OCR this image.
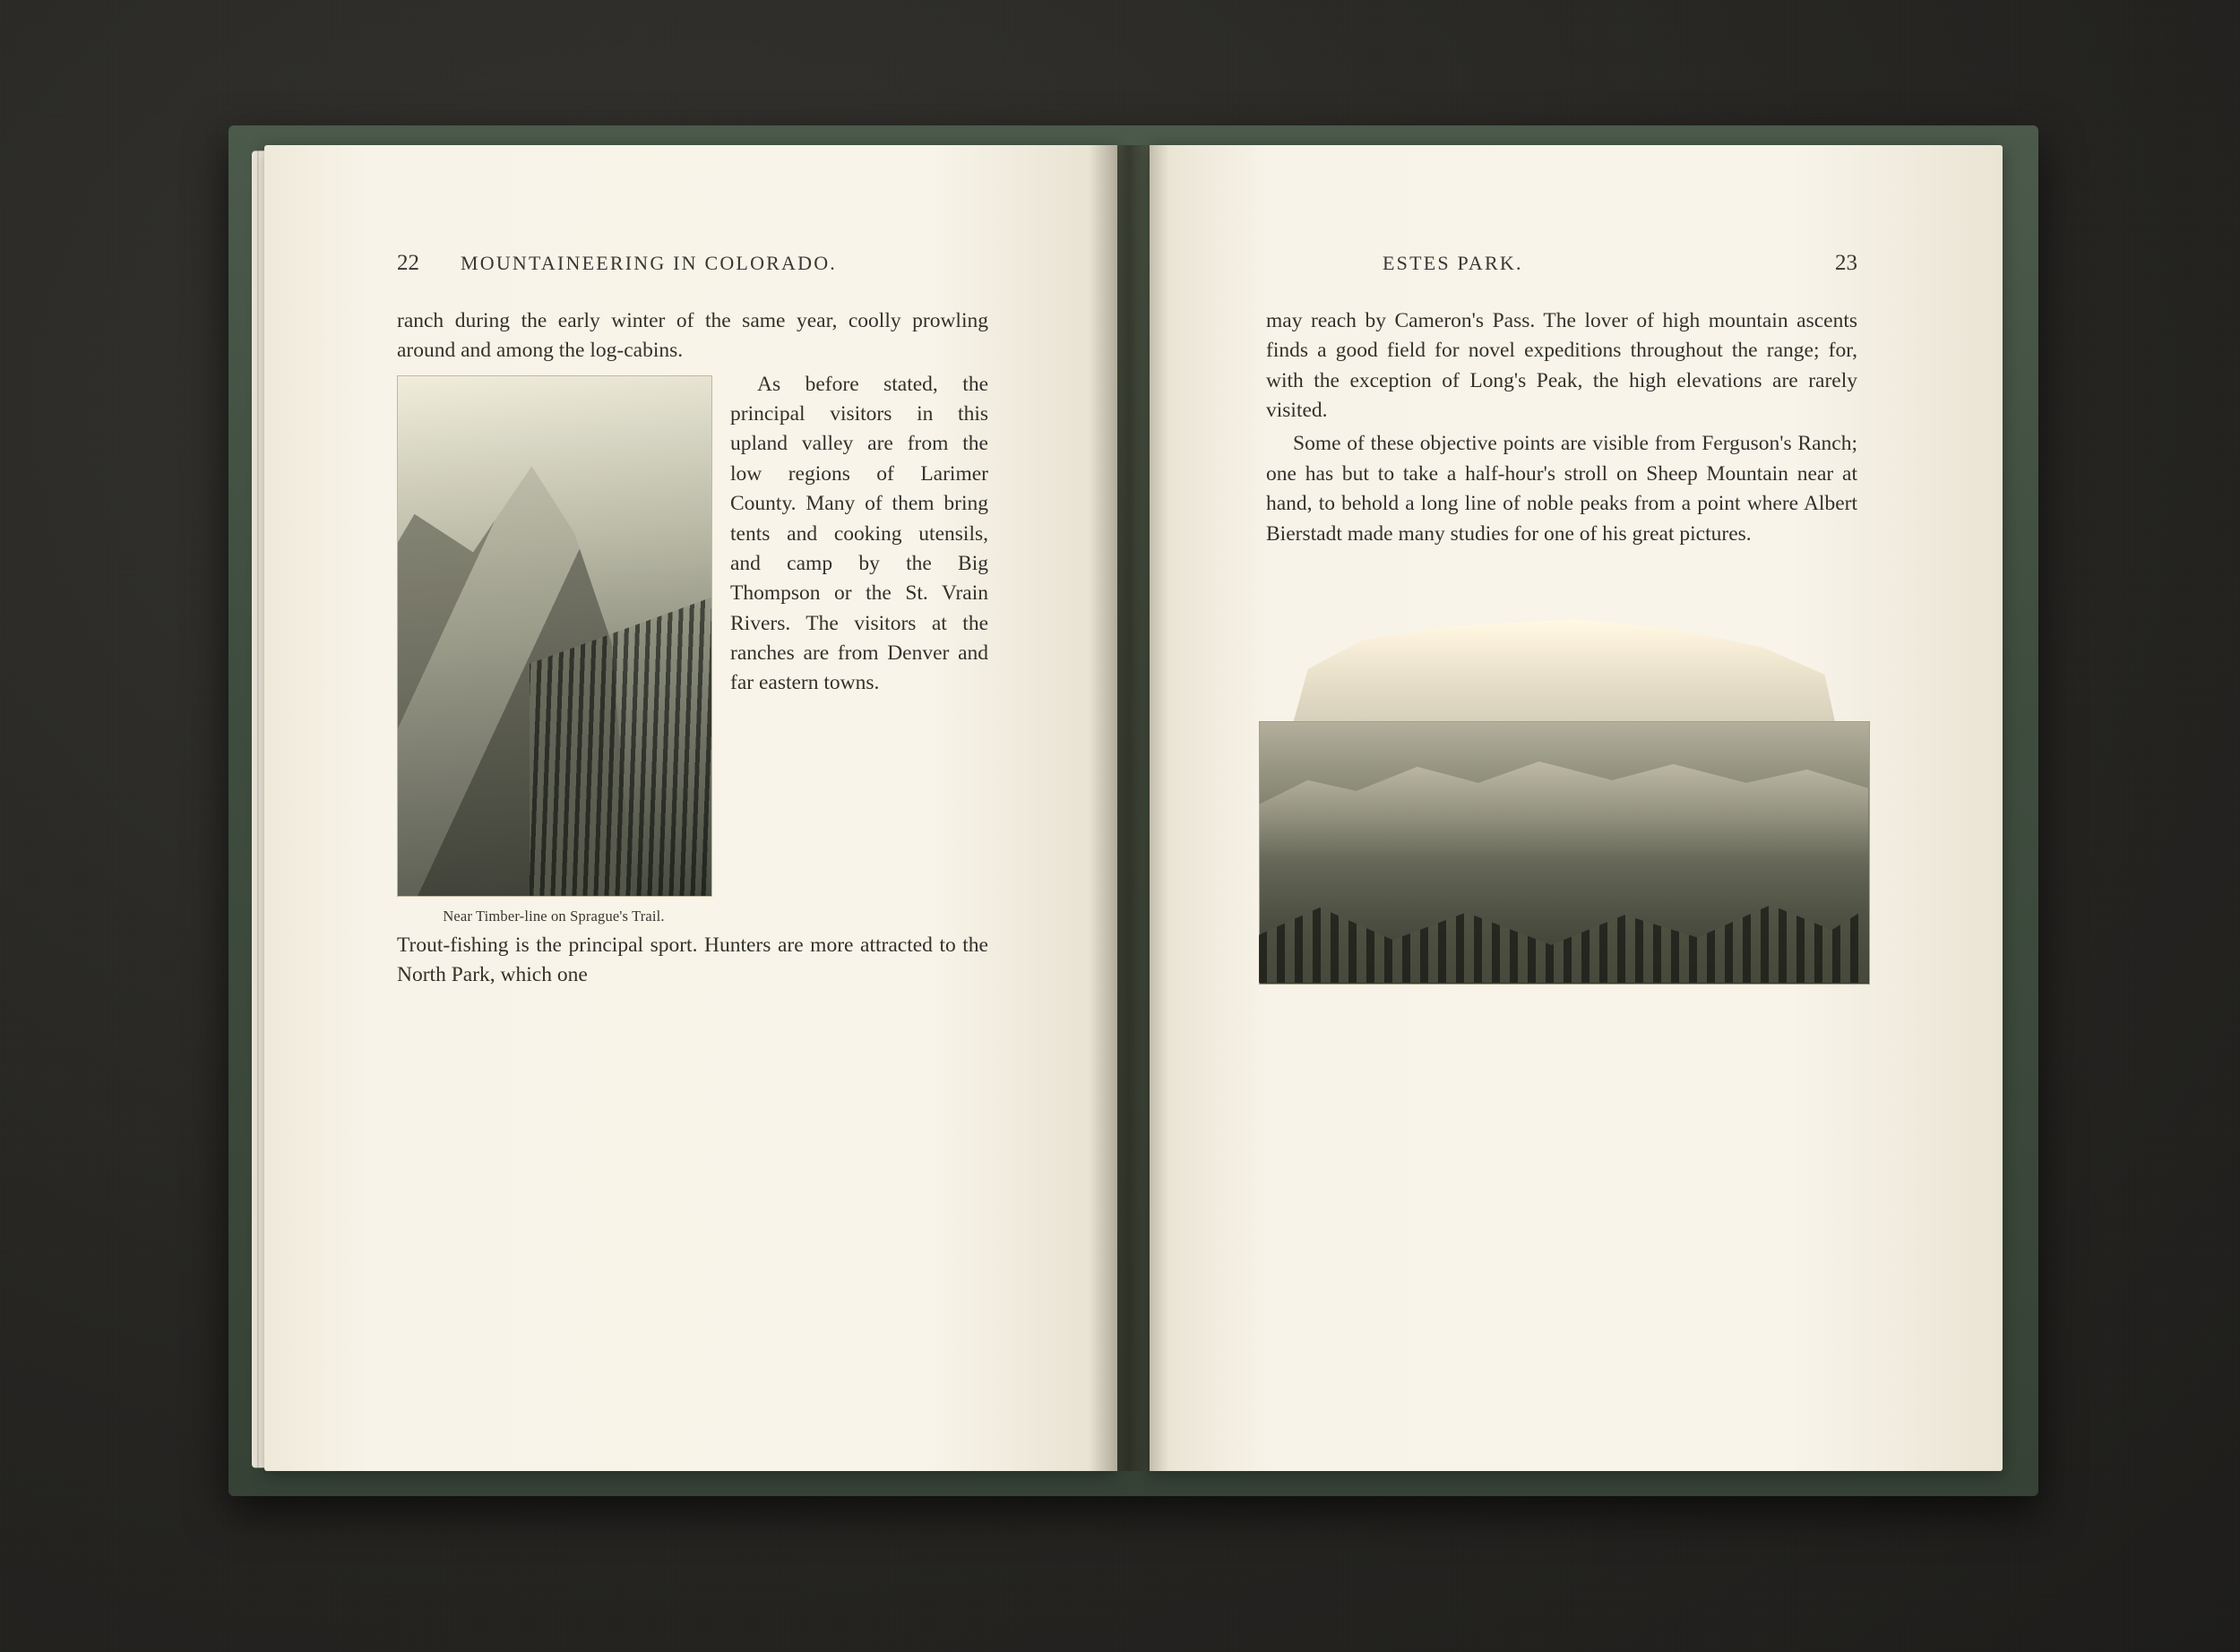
22 MOUNTAINEERING IN COLORADO.

ranch during the early winter of the same year, coolly prowling around and among the log-cabins.

Near Timber-line on Sprague's Trail.

As before stated, the principal visitors in this upland valley are from the low regions of Larimer County. Many of them bring tents and cooking utensils, and camp by the Big Thompson or the St. Vrain Rivers. The visitors at the ranches are from Denver and far eastern towns.

Trout-fishing is the principal sport. Hunters are more attracted to the North Park, which one

ESTES PARK.	23

may reach by Cameron's Pass. The lover of high mountain ascents finds a good field for novel expeditions throughout the range; for, with the exception of Long's Peak, the high elevations are rarely visited.

Some of these objective points are visible from Ferguson's Ranch; one has but to take a half-hour's stroll on Sheep Mountain near at hand, to behold a long line of noble peaks from a point where Albert Bierstadt made many studies for one of his great pictures.
